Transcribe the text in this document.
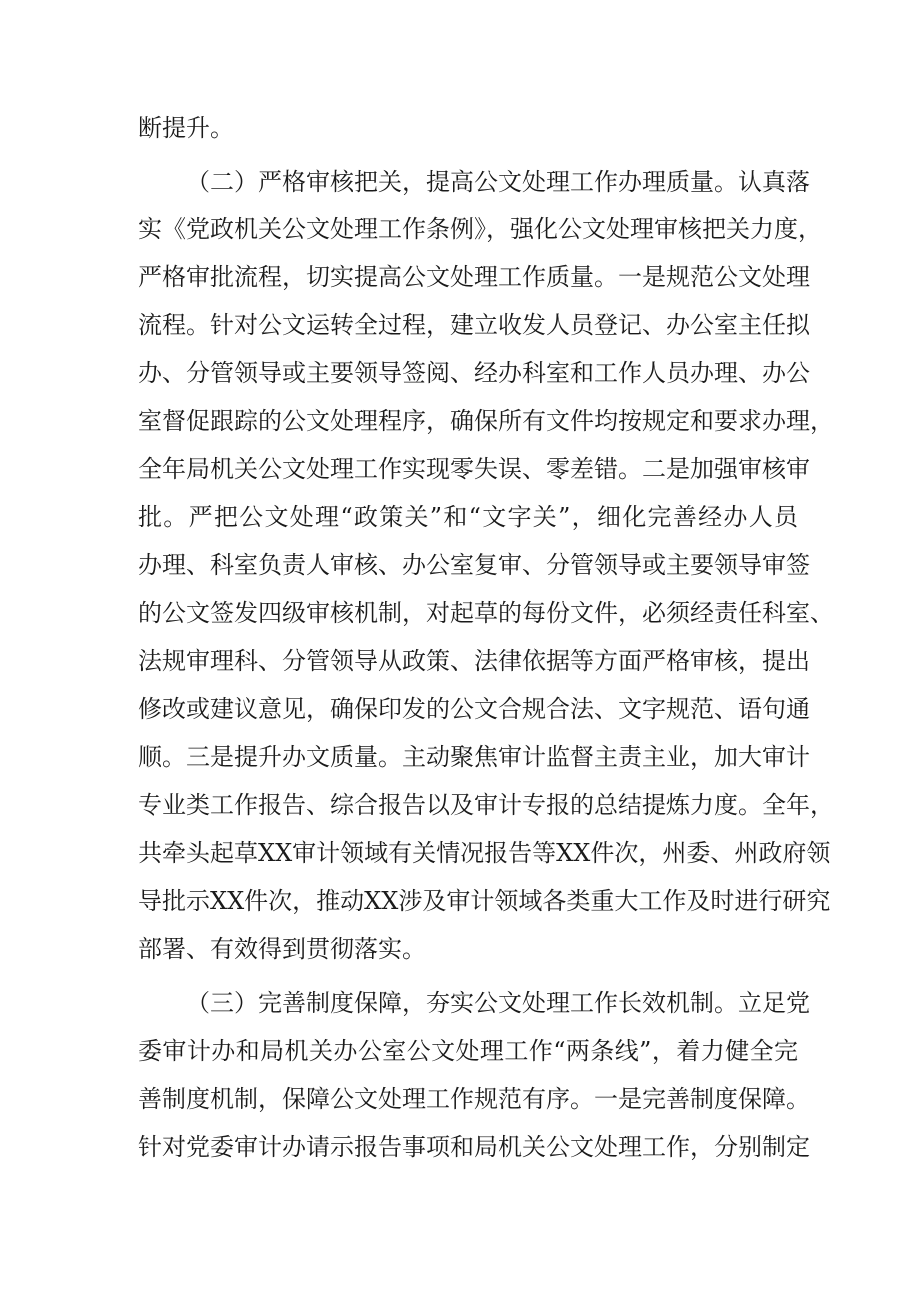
断提升。
（二）严格审核把关，提高公文处理工作办理质量。认真落
实《党政机关公文处理工作条例》，强化公文处理审核把关力度，
严格审批流程，切实提高公文处理工作质量。一是规范公文处理
流程。针对公文运转全过程，建立收发人员登记、办公室主任拟
办、分管领导或主要领导签阅、经办科室和工作人员办理、办公
室督促跟踪的公文处理程序，确保所有文件均按规定和要求办理，
全年局机关公文处理工作实现零失误、零差错。二是加强审核审
批。严把公文处理“政策关”和“文字关”，细化完善经办人员
办理、科室负责人审核、办公室复审、分管领导或主要领导审签
的公文签发四级审核机制，对起草的每份文件，必须经责任科室、
法规审理科、分管领导从政策、法律依据等方面严格审核，提出
修改或建议意见，确保印发的公文合规合法、文字规范、语句通
顺。三是提升办文质量。主动聚焦审计监督主责主业，加大审计
专业类工作报告、综合报告以及审计专报的总结提炼力度。全年，
共牵头起草XX审计领域有关情况报告等XX件次，州委、州政府领
导批示XX件次，推动XX涉及审计领域各类重大工作及时进行研究
部署、有效得到贯彻落实。
（三）完善制度保障，夯实公文处理工作长效机制。立足党
委审计办和局机关办公室公文处理工作“两条线”，着力健全完
善制度机制，保障公文处理工作规范有序。一是完善制度保障。
针对党委审计办请示报告事项和局机关公文处理工作，分别制定
